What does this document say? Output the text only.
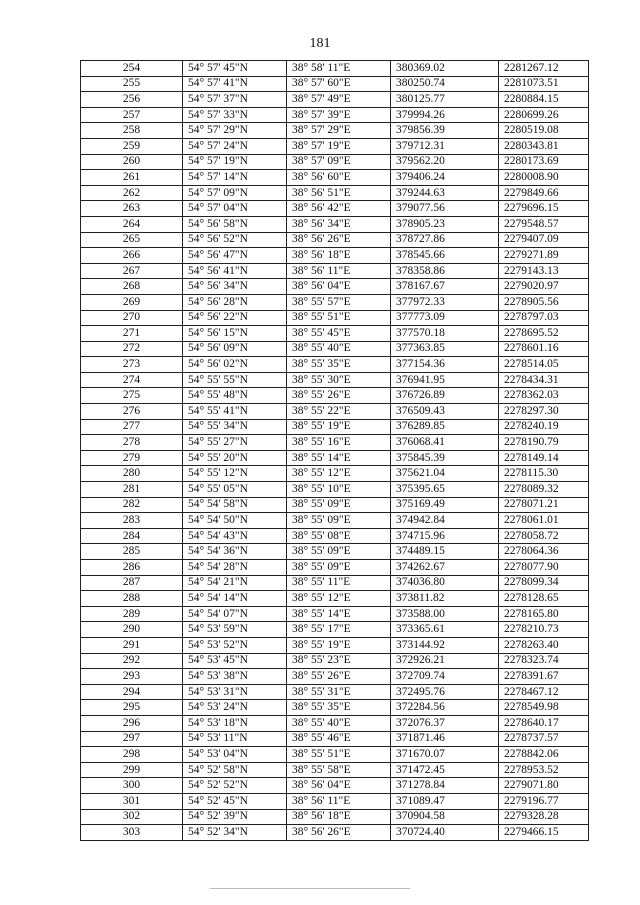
181
254	54° 57' 45"N	38° 58' 11"E	380369.02	2281267.12
255	54° 57' 41"N	38° 57' 60"E	380250.74	2281073.51
256	54° 57' 37"N	38° 57' 49"E	380125.77	2280884.15
257	54° 57' 33"N	38° 57' 39"E	379994.26	2280699.26
258	54° 57' 29"N	38° 57' 29"E	379856.39	2280519.08
259	54° 57' 24"N	38° 57' 19"E	379712.31	2280343.81
260	54° 57' 19"N	38° 57' 09"E	379562.20	2280173.69
261	54° 57' 14"N	38° 56' 60"E	379406.24	2280008.90
262	54° 57' 09"N	38° 56' 51"E	379244.63	2279849.66
263	54° 57' 04"N	38° 56' 42"E	379077.56	2279696.15
264	54° 56' 58"N	38° 56' 34"E	378905.23	2279548.57
265	54° 56' 52"N	38° 56' 26"E	378727.86	2279407.09
266	54° 56' 47"N	38° 56' 18"E	378545.66	2279271.89
267	54° 56' 41"N	38° 56' 11"E	378358.86	2279143.13
268	54° 56' 34"N	38° 56' 04"E	378167.67	2279020.97
269	54° 56' 28"N	38° 55' 57"E	377972.33	2278905.56
270	54° 56' 22"N	38° 55' 51"E	377773.09	2278797.03
271	54° 56' 15"N	38° 55' 45"E	377570.18	2278695.52
272	54° 56' 09"N	38° 55' 40"E	377363.85	2278601.16
273	54° 56' 02"N	38° 55' 35"E	377154.36	2278514.05
274	54° 55' 55"N	38° 55' 30"E	376941.95	2278434.31
275	54° 55' 48"N	38° 55' 26"E	376726.89	2278362.03
276	54° 55' 41"N	38° 55' 22"E	376509.43	2278297.30
277	54° 55' 34"N	38° 55' 19"E	376289.85	2278240.19
278	54° 55' 27"N	38° 55' 16"E	376068.41	2278190.79
279	54° 55' 20"N	38° 55' 14"E	375845.39	2278149.14
280	54° 55' 12"N	38° 55' 12"E	375621.04	2278115.30
281	54° 55' 05"N	38° 55' 10"E	375395.65	2278089.32
282	54° 54' 58"N	38° 55' 09"E	375169.49	2278071.21
283	54° 54' 50"N	38° 55' 09"E	374942.84	2278061.01
284	54° 54' 43"N	38° 55' 08"E	374715.96	2278058.72
285	54° 54' 36"N	38° 55' 09"E	374489.15	2278064.36
286	54° 54' 28"N	38° 55' 09"E	374262.67	2278077.90
287	54° 54' 21"N	38° 55' 11"E	374036.80	2278099.34
288	54° 54' 14"N	38° 55' 12"E	373811.82	2278128.65
289	54° 54' 07"N	38° 55' 14"E	373588.00	2278165.80
290	54° 53' 59"N	38° 55' 17"E	373365.61	2278210.73
291	54° 53' 52"N	38° 55' 19"E	373144.92	2278263.40
292	54° 53' 45"N	38° 55' 23"E	372926.21	2278323.74
293	54° 53' 38"N	38° 55' 26"E	372709.74	2278391.67
294	54° 53' 31"N	38° 55' 31"E	372495.76	2278467.12
295	54° 53' 24"N	38° 55' 35"E	372284.56	2278549.98
296	54° 53' 18"N	38° 55' 40"E	372076.37	2278640.17
297	54° 53' 11"N	38° 55' 46"E	371871.46	2278737.57
298	54° 53' 04"N	38° 55' 51"E	371670.07	2278842.06
299	54° 52' 58"N	38° 55' 58"E	371472.45	2278953.52
300	54° 52' 52"N	38° 56' 04"E	371278.84	2279071.80
301	54° 52' 45"N	38° 56' 11"E	371089.47	2279196.77
302	54° 52' 39"N	38° 56' 18"E	370904.58	2279328.28
303	54° 52' 34"N	38° 56' 26"E	370724.40	2279466.15
